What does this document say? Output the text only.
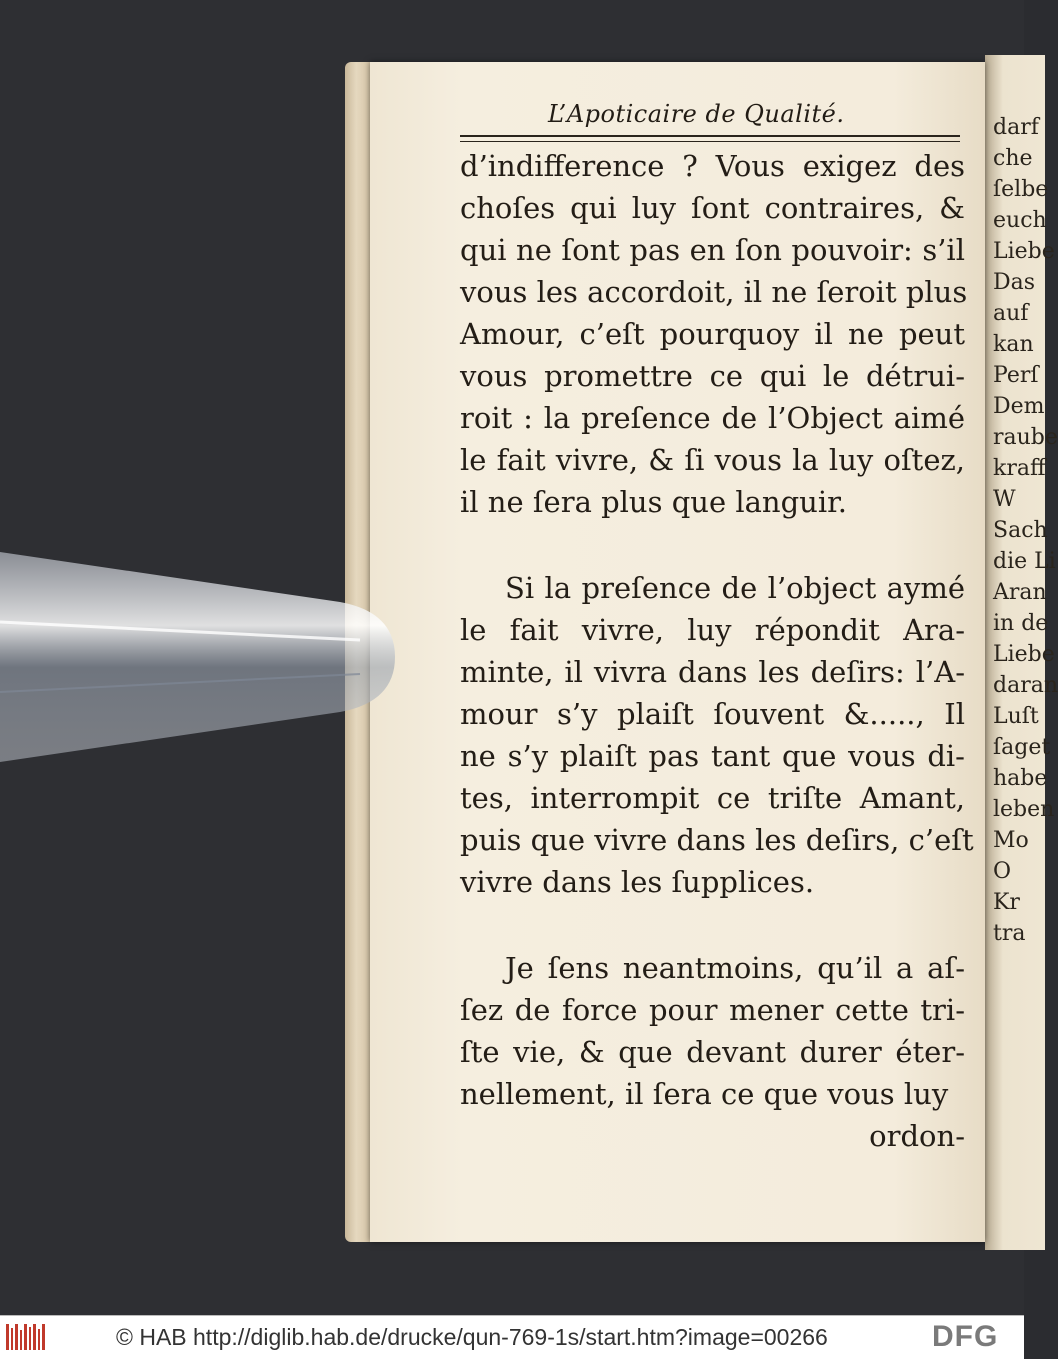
darf
che
ſelbe
euch
Liebe
Das
auf
kan
Perſ
Dem
raube
kraff
W
Sach
die Li
Aran
in de
Liebe
daran
Luſt
ſaget
habe
leben
Mo
O
Kr
tra
L’Apoticaire de Qualité.
d’indifference ? Vous exigez des
choſes qui luy ſont contraires, &
qui ne ſont pas en ſon pouvoir: s’il
vous les accordoit, il ne ſeroit plus
Amour, c’eſt pourquoy il ne peut
vous promettre ce qui le détrui-
roit : la preſence de l’Object aimé
le fait vivre, & ſi vous la luy oſtez,
il ne ſera plus que languir.
Si la preſence de l’object aymé
le fait vivre, luy répondit Ara-
minte, il vivra dans les deſirs: l’A-
mour s’y plaiſt ſouvent &....., Il
ne s’y plaiſt pas tant que vous di-
tes, interrompit ce triſte Amant,
puis que vivre dans les deſirs, c’eſt
vivre dans les ſupplices.
Je ſens neantmoins, qu’il a aſ-
ſez de force pour mener cette tri-
ſte vie, & que devant durer éter-
nellement, il ſera ce que vous luy
ordon-
© HAB http://diglib.hab.de/drucke/qun-769-1s/start.htm?image=00266	DFG
